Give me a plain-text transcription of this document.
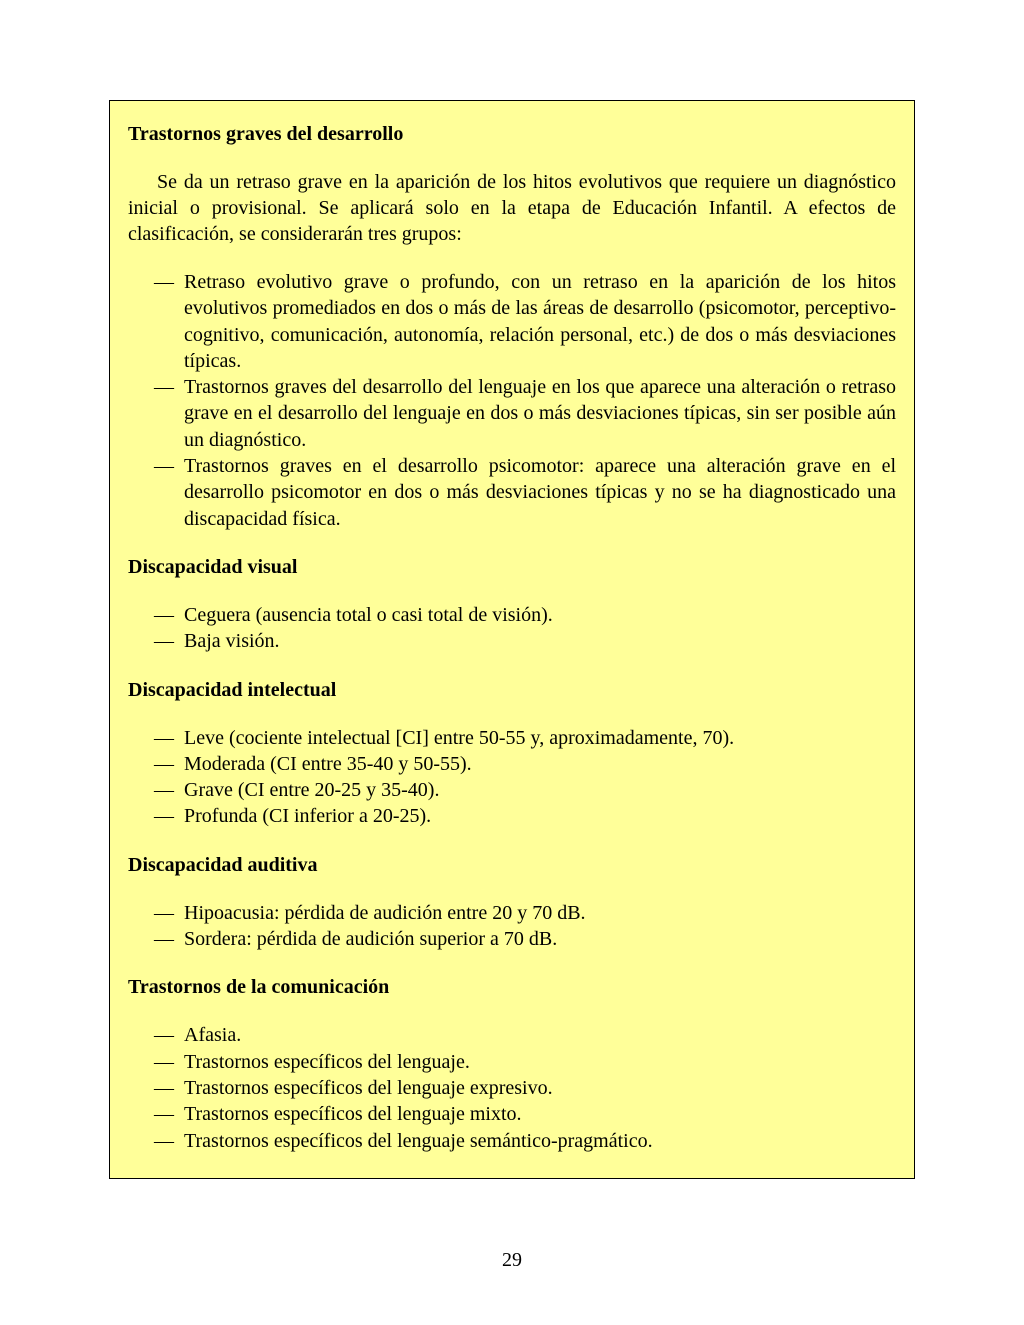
Trastornos graves del desarrollo

Se da un retraso grave en la aparición de los hitos evolutivos que requiere un diagnóstico inicial o provisional. Se aplicará solo en la etapa de Educación Infantil. A efectos de clasificación, se considerarán tres grupos:

— Retraso evolutivo grave o profundo, con un retraso en la aparición de los hitos evolutivos promediados en dos o más de las áreas de desarrollo (psicomotor, perceptivo-cognitivo, comunicación, autonomía, relación personal, etc.) de dos o más desviaciones típicas.
— Trastornos graves del desarrollo del lenguaje en los que aparece una alteración o retraso grave en el desarrollo del lenguaje en dos o más desviaciones típicas, sin ser posible aún un diagnóstico.
— Trastornos graves en el desarrollo psicomotor: aparece una alteración grave en el desarrollo psicomotor en dos o más desviaciones típicas y no se ha diagnosticado una discapacidad física.

Discapacidad visual

— Ceguera (ausencia total o casi total de visión).
— Baja visión.

Discapacidad intelectual

— Leve (cociente intelectual [CI] entre 50-55 y, aproximadamente, 70).
— Moderada (CI entre 35-40 y 50-55).
— Grave (CI entre 20-25 y 35-40).
— Profunda (CI inferior a 20-25).

Discapacidad auditiva

— Hipoacusia: pérdida de audición entre 20 y 70 dB.
— Sordera: pérdida de audición superior a 70 dB.

Trastornos de la comunicación

— Afasia.
— Trastornos específicos del lenguaje.
— Trastornos específicos del lenguaje expresivo.
— Trastornos específicos del lenguaje mixto.
— Trastornos específicos del lenguaje semántico-pragmático.
29
